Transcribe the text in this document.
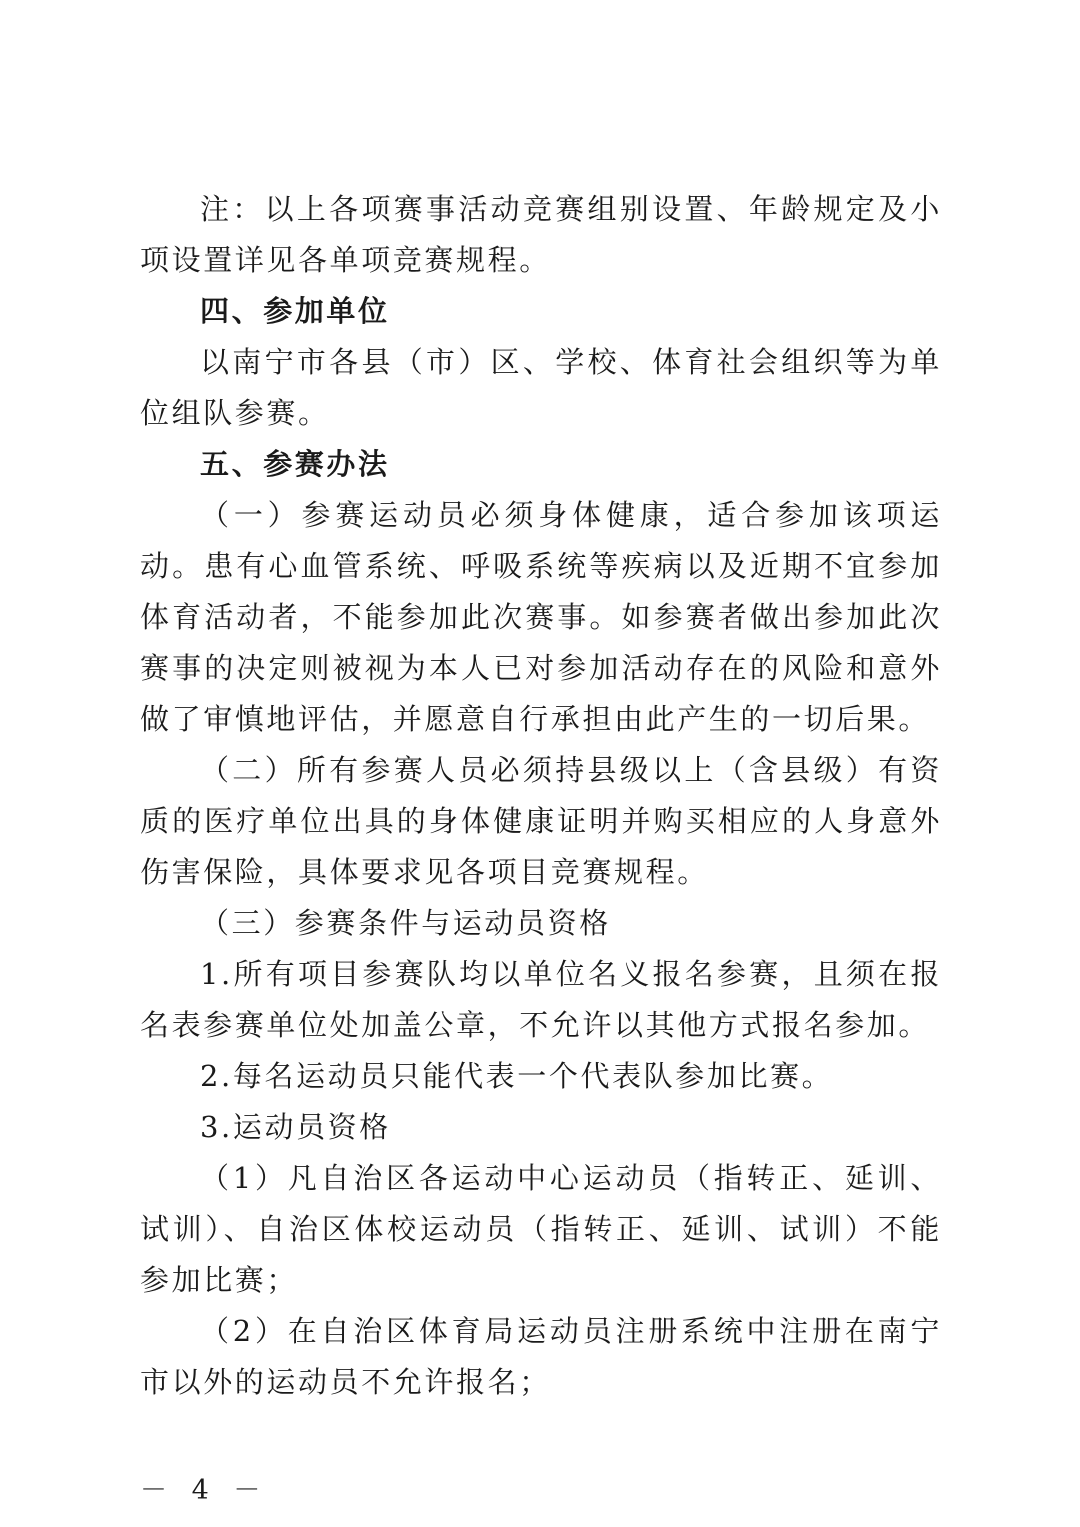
注：以上各项赛事活动竞赛组别设置、年龄规定及小项设置详见各单项竞赛规程。

四、参加单位

以南宁市各县（市）区、学校、体育社会组织等为单位组队参赛。

五、参赛办法

（一）参赛运动员必须身体健康，适合参加该项运动。患有心血管系统、呼吸系统等疾病以及近期不宜参加体育活动者，不能参加此次赛事。如参赛者做出参加此次赛事的决定则被视为本人已对参加活动存在的风险和意外做了审慎地评估，并愿意自行承担由此产生的一切后果。

（二）所有参赛人员必须持县级以上（含县级）有资质的医疗单位出具的身体健康证明并购买相应的人身意外伤害保险，具体要求见各项目竞赛规程。

（三）参赛条件与运动员资格

1.所有项目参赛队均以单位名义报名参赛，且须在报名表参赛单位处加盖公章，不允许以其他方式报名参加。

2.每名运动员只能代表一个代表队参加比赛。

3.运动员资格

（1）凡自治区各运动中心运动员（指转正、延训、试训）、自治区体校运动员（指转正、延训、试训）不能参加比赛；

（2）在自治区体育局运动员注册系统中注册在南宁市以外的运动员不允许报名；

－ 4 －
